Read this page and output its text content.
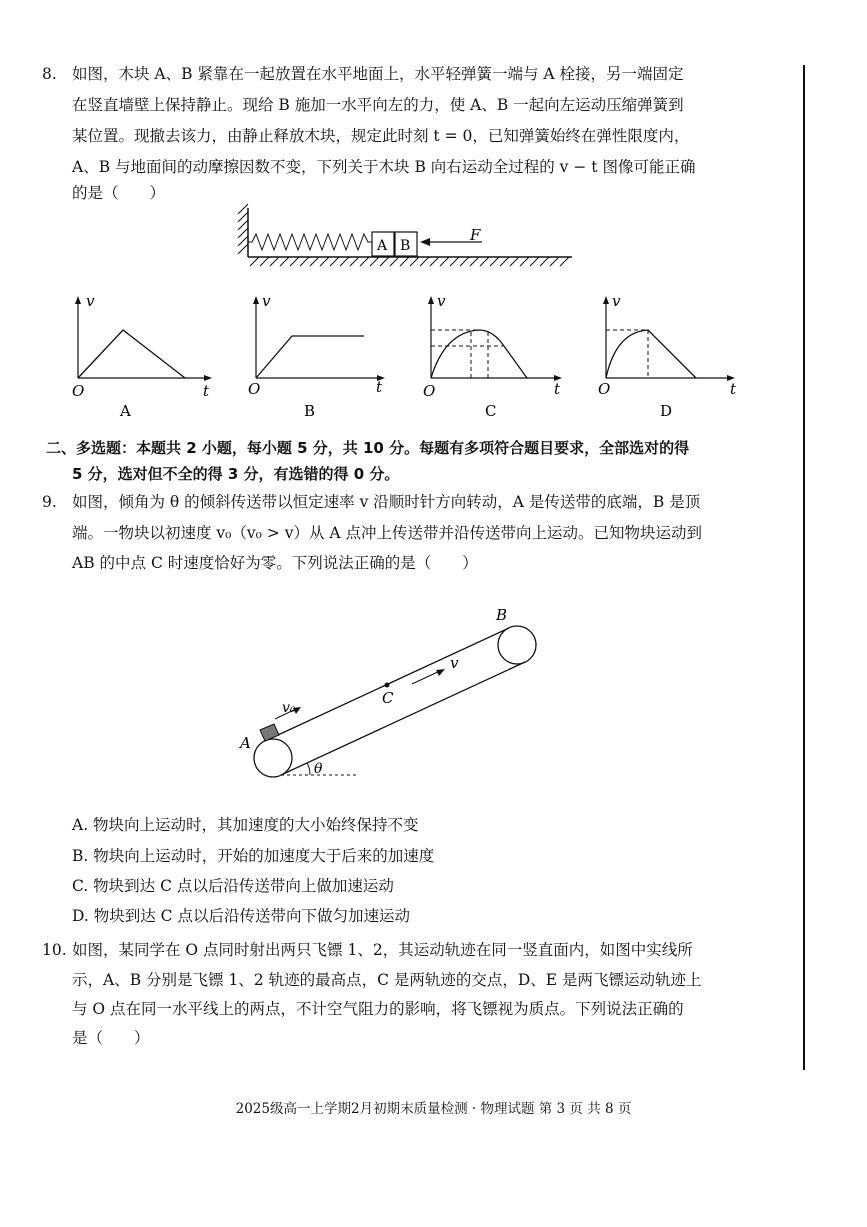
8. 如图，木块 A、B 紧靠在一起放置在水平地面上，水平轻弹簧一端与 A 栓接，另一端固定
在竖直墙壁上保持静止。现给 B 施加一水平向左的力，使 A、B 一起向左运动压缩弹簧到
某位置。现撤去该力，由静止释放木块，规定此时刻 t = 0，已知弹簧始终在弹性限度内，
A、B 与地面间的动摩擦因数不变，下列关于木块 B 向右运动全过程的 v − t 图像可能正确
的是（　　）
A B
F
v
t
O
A
v
t
O
B
v
t
O
C
v
t
O
D
二、多选题：本题共 2 小题，每小题 5 分，共 10 分。每题有多项符合题目要求，全部选对的得
5 分，选对但不全的得 3 分，有选错的得 0 分。
9. 如图，倾角为 θ 的倾斜传送带以恒定速率 v 沿顺时针方向转动，A 是传送带的底端，B 是顶
端。一物块以初速度 v₀（v₀ > v）从 A 点冲上传送带并沿传送带向上运动。已知物块运动到
AB 的中点 C 时速度恰好为零。下列说法正确的是（　　）
v₀
C
v
A
B
θ
A. 物块向上运动时，其加速度的大小始终保持不变
B. 物块向上运动时，开始的加速度大于后来的加速度
C. 物块到达 C 点以后沿传送带向上做加速运动
D. 物块到达 C 点以后沿传送带向下做匀加速运动
10. 如图，某同学在 O 点同时射出两只飞镖 1、2，其运动轨迹在同一竖直面内，如图中实线所
示，A、B 分别是飞镖 1、2 轨迹的最高点，C 是两轨迹的交点，D、E 是两飞镖运动轨迹上
与 O 点在同一水平线上的两点，不计空气阻力的影响，将飞镖视为质点。下列说法正确的
是（　　）
2025级高一上学期2月初期末质量检测 · 物理试题 第 3 页 共 8 页
